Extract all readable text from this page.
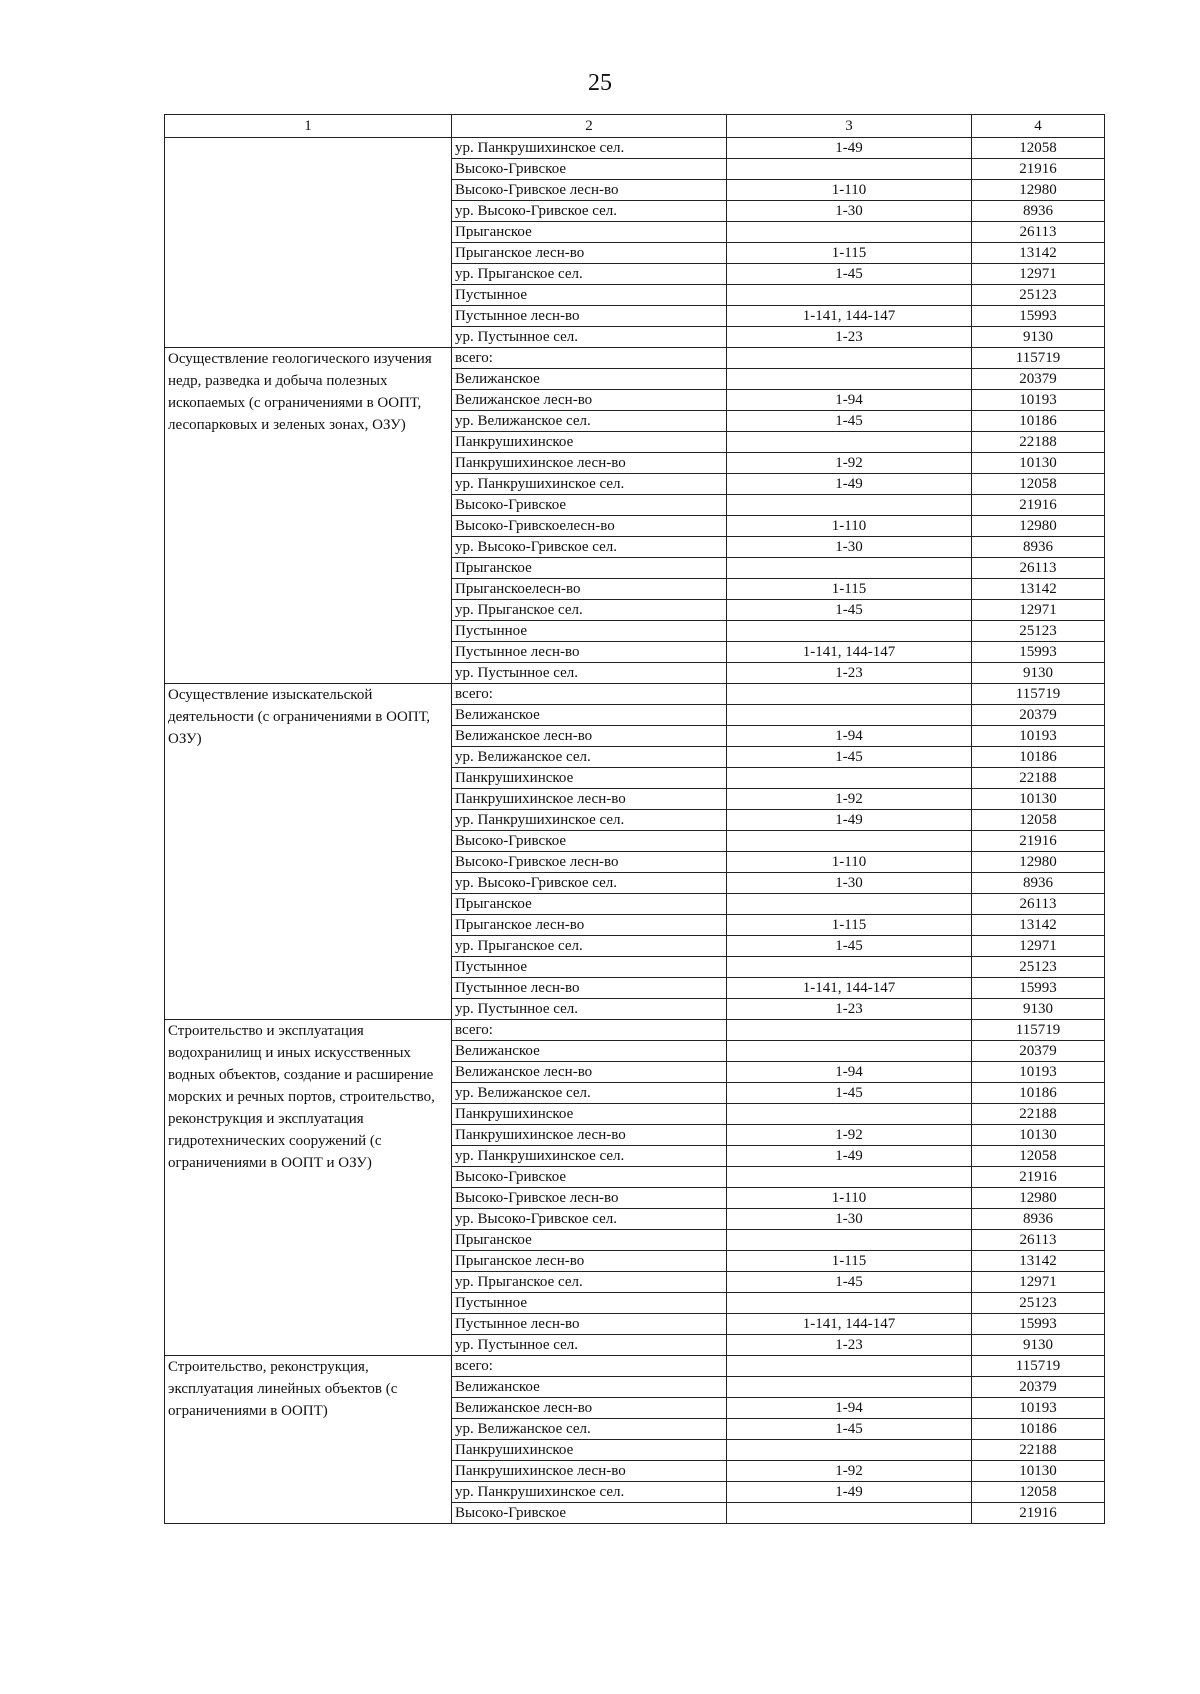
25
1	2	3	4
	ур. Панкрушихинское сел.	1-49	12058
	Высоко-Гривское		21916
	Высоко-Гривское лесн-во	1-110	12980
	ур. Высоко-Гривское сел.	1-30	8936
	Прыганское		26113
	Прыганское лесн-во	1-115	13142
	ур. Прыганское сел.	1-45	12971
	Пустынное		25123
	Пустынное лесн-во	1-141, 144-147	15993
	ур. Пустынное сел.	1-23	9130
Осуществление геологического изучения недр, разведка и добыча полезных ископаемых (с ограничениями в ООПТ, лесопарковых и зеленых зонах, ОЗУ)	всего:		115719
	Велижанское		20379
	Велижанское лесн-во	1-94	10193
	ур. Велижанское сел.	1-45	10186
	Панкрушихинское		22188
	Панкрушихинское лесн-во	1-92	10130
	ур. Панкрушихинское сел.	1-49	12058
	Высоко-Гривское		21916
	Высоко-Гривскоелесн-во	1-110	12980
	ур. Высоко-Гривское сел.	1-30	8936
	Прыганское		26113
	Прыганскоелесн-во	1-115	13142
	ур. Прыганское сел.	1-45	12971
	Пустынное		25123
	Пустынное лесн-во	1-141, 144-147	15993
	ур. Пустынное сел.	1-23	9130
Осуществление изыскательской деятельности (с ограничениями в ООПТ, ОЗУ)	всего:		115719
	Велижанское		20379
	Велижанское лесн-во	1-94	10193
	ур. Велижанское сел.	1-45	10186
	Панкрушихинское		22188
	Панкрушихинское лесн-во	1-92	10130
	ур. Панкрушихинское сел.	1-49	12058
	Высоко-Гривское		21916
	Высоко-Гривское лесн-во	1-110	12980
	ур. Высоко-Гривское сел.	1-30	8936
	Прыганское		26113
	Прыганское лесн-во	1-115	13142
	ур. Прыганское сел.	1-45	12971
	Пустынное		25123
	Пустынное лесн-во	1-141, 144-147	15993
	ур. Пустынное сел.	1-23	9130
Строительство и эксплуатация водохранилищ и иных искусственных водных объектов, создание и расширение морских и речных портов, строительство, реконструкция и эксплуатация гидротехнических сооружений (с ограничениями в ООПТ и ОЗУ)	всего:		115719
	Велижанское		20379
	Велижанское лесн-во	1-94	10193
	ур. Велижанское сел.	1-45	10186
	Панкрушихинское		22188
	Панкрушихинское лесн-во	1-92	10130
	ур. Панкрушихинское сел.	1-49	12058
	Высоко-Гривское		21916
	Высоко-Гривское лесн-во	1-110	12980
	ур. Высоко-Гривское сел.	1-30	8936
	Прыганское		26113
	Прыганское лесн-во	1-115	13142
	ур. Прыганское сел.	1-45	12971
	Пустынное		25123
	Пустынное лесн-во	1-141, 144-147	15993
	ур. Пустынное сел.	1-23	9130
Строительство, реконструкция, эксплуатация линейных объектов (с ограничениями в ООПТ)	всего:		115719
	Велижанское		20379
	Велижанское лесн-во	1-94	10193
	ур. Велижанское сел.	1-45	10186
	Панкрушихинское		22188
	Панкрушихинское лесн-во	1-92	10130
	ур. Панкрушихинское сел.	1-49	12058
	Высоко-Гривское		21916
